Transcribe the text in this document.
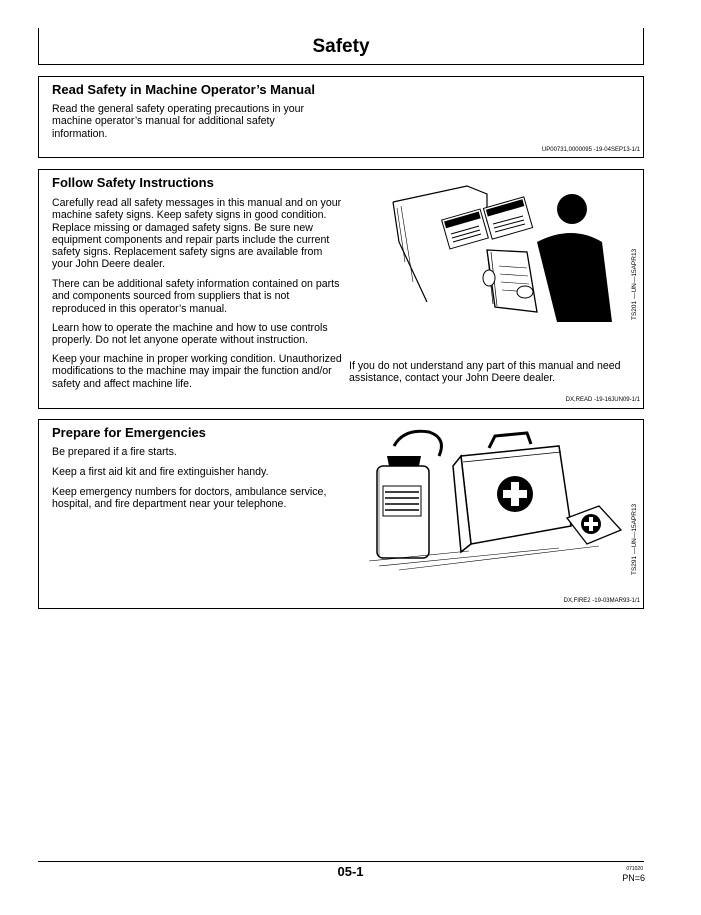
Safety
Read Safety in Machine Operator’s Manual

Read the general safety operating precautions in your machine operator’s manual for additional safety information.

UP00731,0000095 -19-04SEP13-1/1
Follow Safety Instructions

Carefully read all safety messages in this manual and on your machine safety signs. Keep safety signs in good condition. Replace missing or damaged safety signs. Be sure new equipment components and repair parts include the current safety signs. Replacement safety signs are available from your John Deere dealer.

There can be additional safety information contained on parts and components sourced from suppliers that is not reproduced in this operator’s manual.

Learn how to operate the machine and how to use controls properly. Do not let anyone operate without instruction.

Keep your machine in proper working condition. Unauthorized modifications to the machine may impair the function and/or safety and affect machine life.

If you do not understand any part of this manual and need assistance, contact your John Deere dealer.

TS201 —UN—15APR13
DX,READ -19-16JUN09-1/1
Prepare for Emergencies

Be prepared if a fire starts.

Keep a first aid kit and fire extinguisher handy.

Keep emergency numbers for doctors, ambulance service, hospital, and fire department near your telephone.	TS291 —UN—15APR13
DX,FIRE2 -19-03MAR93-1/1
05-1	071020
PN=6
